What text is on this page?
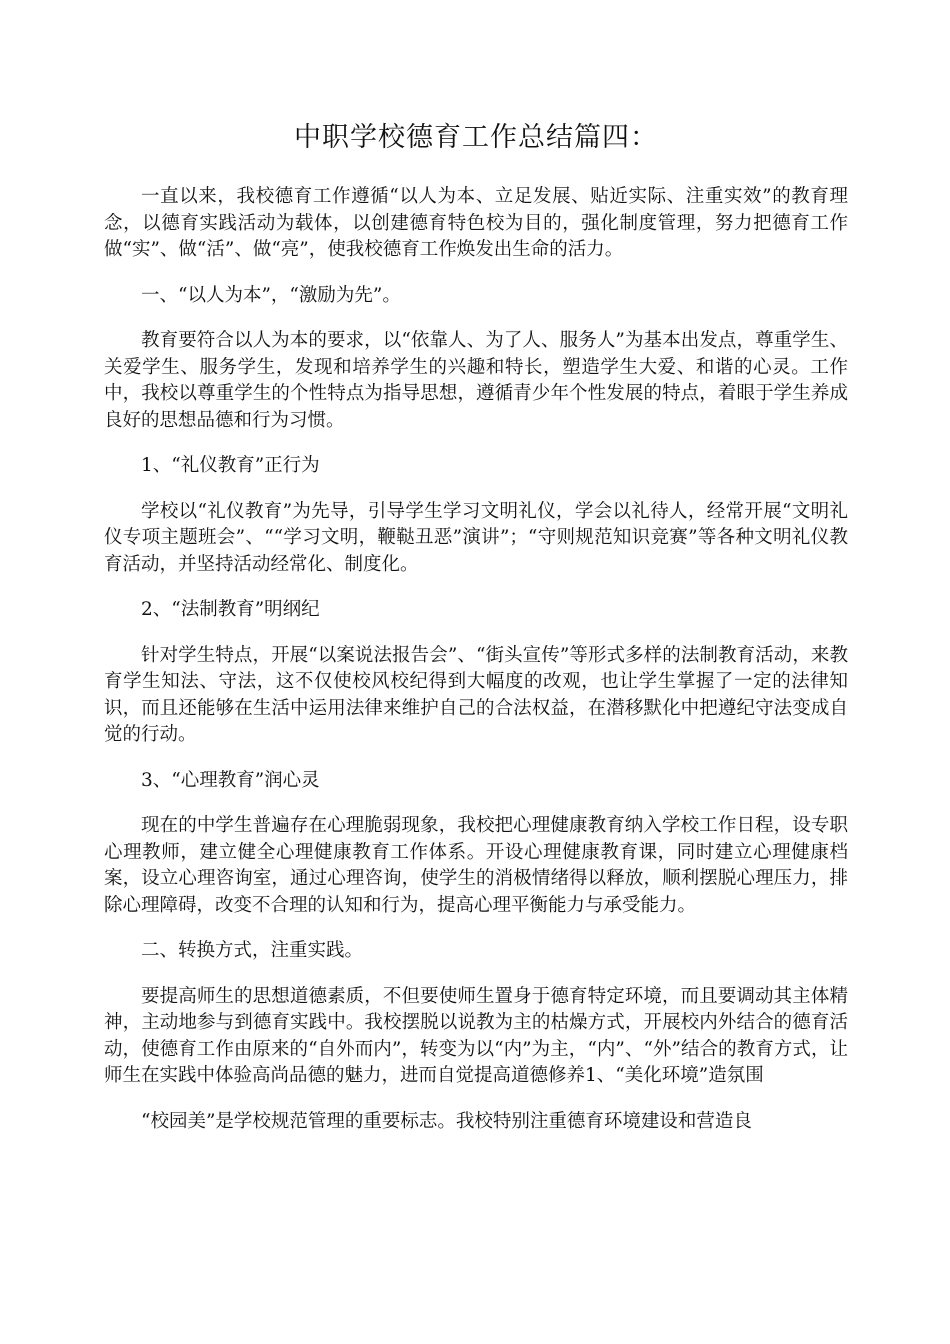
中职学校德育工作总结篇四：

一直以来，我校德育工作遵循“以人为本、立足发展、贴近实际、注重实效”的教育理念，以德育实践活动为载体，以创建德育特色校为目的，强化制度管理，努力把德育工作做“实”、做“活”、做“亮”，使我校德育工作焕发出生命的活力。

一、“以人为本”，“激励为先”。

教育要符合以人为本的要求，以“依靠人、为了人、服务人”为基本出发点，尊重学生、关爱学生、服务学生，发现和培养学生的兴趣和特长，塑造学生大爱、和谐的心灵。工作中，我校以尊重学生的个性特点为指导思想，遵循青少年个性发展的特点，着眼于学生养成良好的思想品德和行为习惯。

1、“礼仪教育”正行为

学校以“礼仪教育”为先导，引导学生学习文明礼仪，学会以礼待人，经常开展“文明礼仪专项主题班会”、““学习文明，鞭鞑丑恶”演讲”；“守则规范知识竞赛”等各种文明礼仪教育活动，并坚持活动经常化、制度化。

2、“法制教育”明纲纪

针对学生特点，开展“以案说法报告会”、“街头宣传”等形式多样的法制教育活动，来教育学生知法、守法，这不仅使校风校纪得到大幅度的改观，也让学生掌握了一定的法律知识，而且还能够在生活中运用法律来维护自己的合法权益，在潜移默化中把遵纪守法变成自觉的行动。

3、“心理教育”润心灵

现在的中学生普遍存在心理脆弱现象，我校把心理健康教育纳入学校工作日程，设专职心理教师，建立健全心理健康教育工作体系。开设心理健康教育课，同时建立心理健康档案，设立心理咨询室，通过心理咨询，使学生的消极情绪得以释放，顺利摆脱心理压力，排除心理障碍，改变不合理的认知和行为，提高心理平衡能力与承受能力。

二、转换方式，注重实践。

要提高师生的思想道德素质，不但要使师生置身于德育特定环境，而且要调动其主体精神，主动地参与到德育实践中。我校摆脱以说教为主的枯燥方式，开展校内外结合的德育活动，使德育工作由原来的“自外而内”，转变为以“内”为主，“内”、“外”结合的教育方式，让师生在实践中体验高尚品德的魅力，进而自觉提高道德修养1、“美化环境”造氛围

“校园美”是学校规范管理的重要标志。我校特别注重德育环境建设和营造良
